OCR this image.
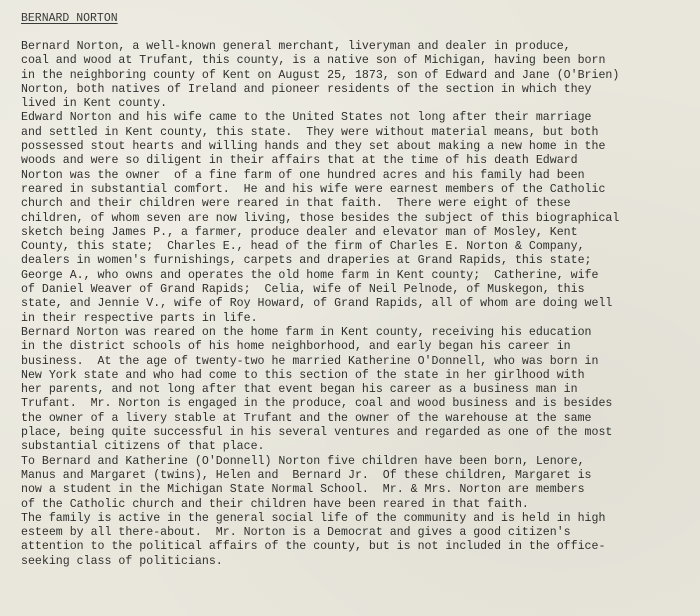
BERNARD NORTON
Bernard Norton, a well-known general merchant, liveryman and dealer in produce,
coal and wood at Trufant, this county, is a native son of Michigan, having been born
in the neighboring county of Kent on August 25, 1873, son of Edward and Jane (O'Brien)
Norton, both natives of Ireland and pioneer residents of the section in which they
lived in Kent county.
Edward Norton and his wife came to the United States not long after their marriage
and settled in Kent county, this state.  They were without material means, but both
possessed stout hearts and willing hands and they set about making a new home in the
woods and were so diligent in their affairs that at the time of his death Edward
Norton was the owner  of a fine farm of one hundred acres and his family had been
reared in substantial comfort.  He and his wife were earnest members of the Catholic
church and their children were reared in that faith.  There were eight of these
children, of whom seven are now living, those besides the subject of this biographical
sketch being James P., a farmer, produce dealer and elevator man of Mosley, Kent
County, this state;  Charles E., head of the firm of Charles E. Norton & Company,
dealers in women's furnishings, carpets and draperies at Grand Rapids, this state;
George A., who owns and operates the old home farm in Kent county;  Catherine, wife
of Daniel Weaver of Grand Rapids;  Celia, wife of Neil Pelnode, of Muskegon, this
state, and Jennie V., wife of Roy Howard, of Grand Rapids, all of whom are doing well
in their respective parts in life.
Bernard Norton was reared on the home farm in Kent county, receiving his education
in the district schools of his home neighborhood, and early began his career in
business.  At the age of twenty-two he married Katherine O'Donnell, who was born in
New York state and who had come to this section of the state in her girlhood with
her parents, and not long after that event began his career as a business man in
Trufant.  Mr. Norton is engaged in the produce, coal and wood business and is besides
the owner of a livery stable at Trufant and the owner of the warehouse at the same
place, being quite successful in his several ventures and regarded as one of the most
substantial citizens of that place.
To Bernard and Katherine (O'Donnell) Norton five children have been born, Lenore,
Manus and Margaret (twins), Helen and  Bernard Jr.  Of these children, Margaret is
now a student in the Michigan State Normal School.  Mr. & Mrs. Norton are members
of the Catholic church and their children have been reared in that faith.
The family is active in the general social life of the community and is held in high
esteem by all there-about.  Mr. Norton is a Democrat and gives a good citizen's
attention to the political affairs of the county, but is not included in the office-
seeking class of politicians.
